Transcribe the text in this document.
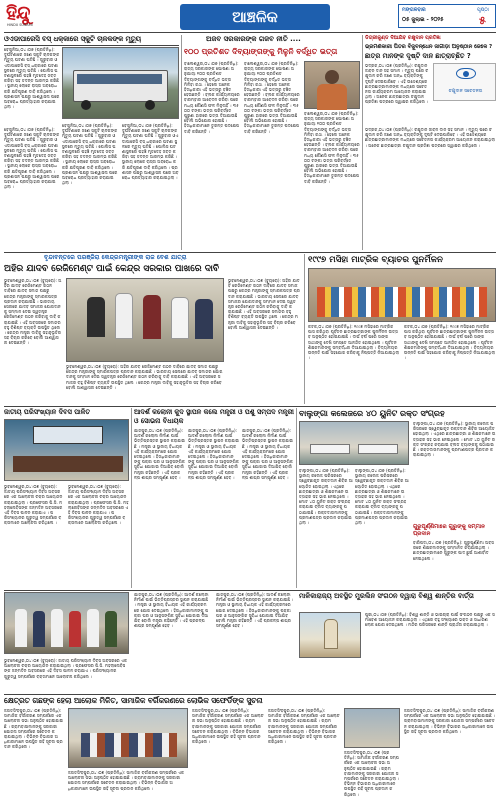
ହିନ୍ଦୁ
HINDU SUNAMI	ଆଞ୍ଚଳିକ	ମଙ୍ଗଳବାର	ପୃଷ୍ଠା
୦୫ ଜୁଲାଇ - ୨୦୨୫	୫
ଓଏଡାପାରେସି ବସ୍ ଧକ୍କାରେ ସ୍କୁଟି ଚାଳକଙ୍କ ମୃତ୍ୟୁ
ବେଗୁନିଆ,୦୪।୦୭ (ପ୍ରତିନିଧି): ଦୁର୍ଘଟଣାରେ ଜଣେ ସ୍କୁଟି ଚାଳକଙ୍କ ମୃତ୍ୟୁ ଘଟଣା ଘଟିଛି । ଗୁରୁବାର ଓଏଡାପାରେସି ବସ୍ ଧକ୍କାରେ ଘଟଣା ସ୍ଥଳରେ ମୃତ୍ୟୁ ଘଟିଛି । ପୋଲିସ ଘଟଣାସ୍ଥଳରେ ପହଞ୍ଚି ମୃତଦେହ ଜବତ କରିବା ସହ ତଦନ୍ତ ଆରମ୍ଭ କରିଛି । ସ୍ଥାନୀୟ ଲୋକେ ରାସ୍ତା ଅବରୋଧ କରି କ୍ଷତିପୂରଣ ଦାବି କରିଥିଲେ । ପ୍ରଶାସନ ପକ୍ଷରୁ ଆଶ୍ୱାସନା ପରେ ଅବରୋଧ ପ୍ରତ୍ୟାହାର କରାଯାଇଥିଲା ।
ବେଗୁନିଆ,୦୪।୦୭ (ପ୍ରତିନିଧି): ଦୁର୍ଘଟଣାରେ ଜଣେ ସ୍କୁଟି ଚାଳକଙ୍କ ମୃତ୍ୟୁ ଘଟଣା ଘଟିଛି । ଗୁରୁବାର ଓଏଡାପାରେସି ବସ୍ ଧକ୍କାରେ ଘଟଣା ସ୍ଥଳରେ ମୃତ୍ୟୁ ଘଟିଛି । ପୋଲିସ ଘଟଣାସ୍ଥଳରେ ପହଞ୍ଚି ମୃତଦେହ ଜବତ କରିବା ସହ ତଦନ୍ତ ଆରମ୍ଭ କରିଛି । ସ୍ଥାନୀୟ ଲୋକେ ରାସ୍ତା ଅବରୋଧ କରି କ୍ଷତିପୂରଣ ଦାବି କରିଥିଲେ । ପ୍ରଶାସନ ପକ୍ଷରୁ ଆଶ୍ୱାସନା ପରେ ଅବରୋଧ ପ୍ରତ୍ୟାହାର କରାଯାଇଥିଲା ।
ବେଗୁନିଆ,୦୪।୦୭ (ପ୍ରତିନିଧି): ଦୁର୍ଘଟଣାରେ ଜଣେ ସ୍କୁଟି ଚାଳକଙ୍କ ମୃତ୍ୟୁ ଘଟଣା ଘଟିଛି । ଗୁରୁବାର ଓଏଡାପାରେସି ବସ୍ ଧକ୍କାରେ ଘଟଣା ସ୍ଥଳରେ ମୃତ୍ୟୁ ଘଟିଛି । ପୋଲିସ ଘଟଣାସ୍ଥଳରେ ପହଞ୍ଚି ମୃତଦେହ ଜବତ କରିବା ସହ ତଦନ୍ତ ଆରମ୍ଭ କରିଛି । ସ୍ଥାନୀୟ ଲୋକେ ରାସ୍ତା ଅବରୋଧ କରି କ୍ଷତିପୂରଣ ଦାବି କରିଥିଲେ । ପ୍ରଶାସନ ପକ୍ଷରୁ ଆଶ୍ୱାସନା ପରେ ଅବରୋଧ ପ୍ରତ୍ୟାହାର କରାଯାଇଥିଲା ।
ବେଗୁନିଆ,୦୪।୦୭ (ପ୍ରତିନିଧି): ଦୁର୍ଘଟଣାରେ ଜଣେ ସ୍କୁଟି ଚାଳକଙ୍କ ମୃତ୍ୟୁ ଘଟଣା ଘଟିଛି । ଗୁରୁବାର ଓଏଡାପାରେସି ବସ୍ ଧକ୍କାରେ ଘଟଣା ସ୍ଥଳରେ ମୃତ୍ୟୁ ଘଟିଛି । ପୋଲିସ ଘଟଣାସ୍ଥଳରେ ପହଞ୍ଚି ମୃତଦେହ ଜବତ କରିବା ସହ ତଦନ୍ତ ଆରମ୍ଭ କରିଛି । ସ୍ଥାନୀୟ ଲୋକେ ରାସ୍ତା ଅବରୋଧ କରି କ୍ଷତିପୂରଣ ଦାବି କରିଥିଲେ । ପ୍ରଶାସନ ପକ୍ଷରୁ ଆଶ୍ୱାସନା ପରେ ଅବରୋଧ ପ୍ରତ୍ୟାହାର କରାଯାଇଥିଲା ।
ଅଜବ ସରକାରଙ୍କ ଗଜବ ନୀତି ....
୧୦୦ ପ୍ରତିଶତ ଦିବ୍ୟାଙ୍ଗଙ୍କୁ ମିଳୁନି ବର୍ଦ୍ଧିତ ଭତ୍ତା
ବାଲେଶ୍ୱର,୦୪।୦୭ (ପ୍ରତିନିଧି): ରାଜ୍ୟ ସରକାରଙ୍କ ଘୋଷଣା ଅନୁଯାୟୀ ୧୦୦ ପ୍ରତିଶତ ଦିବ୍ୟାଙ୍ଗଙ୍କୁ ବର୍ଦ୍ଧିତ ଭତ୍ତା ମିଳିବା କଥା । ହେଲେ ଅନେକ ହିତାଧିକାରୀ ଏହି ଭତ୍ତାରୁ ବଞ୍ଚିତ ହେଉଛନ୍ତି । ବ୍ଲକ କାର୍ଯ୍ୟାଳୟରେ ବାରମ୍ବାର ଆବେଦନ କରିବା ପରେ ମଧ୍ୟ କୌଣସି ଫଳ ମିଳୁନାହିଁ । ୩୫୦୦ ଟଙ୍କା ଭତ୍ତା ପରିବର୍ତ୍ତେ ପୁରୁଣା ହାରରେ ଭତ୍ତା ଦିଆଯାଉଛି ବୋଲି ଅଭିଯୋଗ ହୋଇଛି । ହିତାଧିକାରୀମାନେ ତୁରନ୍ତ ପଦକ୍ଷେପ ଦାବି କରିଛନ୍ତି ।
ବାଲେଶ୍ୱର,୦୪।୦୭ (ପ୍ରତିନିଧି): ରାଜ୍ୟ ସରକାରଙ୍କ ଘୋଷଣା ଅନୁଯାୟୀ ୧୦୦ ପ୍ରତିଶତ ଦିବ୍ୟାଙ୍ଗଙ୍କୁ ବର୍ଦ୍ଧିତ ଭତ୍ତା ମିଳିବା କଥା । ହେଲେ ଅନେକ ହିତାଧିକାରୀ ଏହି ଭତ୍ତାରୁ ବଞ୍ଚିତ ହେଉଛନ୍ତି । ବ୍ଲକ କାର୍ଯ୍ୟାଳୟରେ ବାରମ୍ବାର ଆବେଦନ କରିବା ପରେ ମଧ୍ୟ କୌଣସି ଫଳ ମିଳୁନାହିଁ । ୩୫୦୦ ଟଙ୍କା ଭତ୍ତା ପରିବର୍ତ୍ତେ ପୁରୁଣା ହାରରେ ଭତ୍ତା ଦିଆଯାଉଛି ବୋଲି ଅଭିଯୋଗ ହୋଇଛି । ହିତାଧିକାରୀମାନେ ତୁରନ୍ତ ପଦକ୍ଷେପ ଦାବି କରିଛନ୍ତି ।
ବାଲେଶ୍ୱର,୦୪।୦୭ (ପ୍ରତିନିଧି): ରାଜ୍ୟ ସରକାରଙ୍କ ଘୋଷଣା ଅନୁଯାୟୀ ୧୦୦ ପ୍ରତିଶତ ଦିବ୍ୟାଙ୍ଗଙ୍କୁ ବର୍ଦ୍ଧିତ ଭତ୍ତା ମିଳିବା କଥା । ହେଲେ ଅନେକ ହିତାଧିକାରୀ ଏହି ଭତ୍ତାରୁ ବଞ୍ଚିତ ହେଉଛନ୍ତି । ବ୍ଲକ କାର୍ଯ୍ୟାଳୟରେ ବାରମ୍ବାର ଆବେଦନ କରିବା ପରେ ମଧ୍ୟ କୌଣସି ଫଳ ମିଳୁନାହିଁ । ୩୫୦୦ ଟଙ୍କା ଭତ୍ତା ପରିବର୍ତ୍ତେ ପୁରୁଣା ହାରରେ ଭତ୍ତା ଦିଆଯାଉଛି ବୋଲି ଅଭିଯୋଗ ହୋଇଛି । ହିତାଧିକାରୀମାନେ ତୁରନ୍ତ ପଦକ୍ଷେପ ଦାବି କରିଛନ୍ତି ।
ଡିଗ୍ରୀକୁଣ୍ଡ ଦିଆଯିବ ଚକ୍ଷୁଦାନ ପ୍ରତିଜ୍ଞା
ଭ୍ରମଣକାରୀ ପିତର ବିଜୁବନ୍ଧେନ ଜାଗୀଡ଼ା ଅନୁଷ୍ଠାନ ଜେଳେ ?
ଛାତ୍ର ମାନଙ୍କ ଦୃଷ୍ଟି ଦାନ ଛାତ୍ରାଚ୍ଛିତ ?
ଭଦ୍ରକ,୦୪।୦୭ (ପ୍ରତିନିଧି): ଚକ୍ଷୁଦାନ ଜୀବନ ଦାନ ସହ ସମାନ । ମୃତ୍ୟୁ ପରେ ଚକ୍ଷୁଦାନ କରି ଜଣେ ଅନ୍ଧ ବ୍ୟକ୍ତିଙ୍କୁ ଦୃଷ୍ଟି ଦେଇପାରିବେ । ଏହି ଉଦ୍ଦେଶ୍ୟରେ ଛାତ୍ରଛାତ୍ରୀମାନଙ୍କ ମଧ୍ୟରେ ସଚେତନତା କାର୍ଯ୍ୟକ୍ରମ ଆୟୋଜନ କରାଯାଇଥିଲା । ଅନେକ ଛାତ୍ରଛାତ୍ରୀ ଚକ୍ଷୁଦାନ ପ୍ରତିଜ୍ଞା ପତ୍ରରେ ସ୍ୱାକ୍ଷର କରିଥିଲେ ।
ଚକ୍ଷୁଦାନ ସଚେତନତା
ଭଦ୍ରକ,୦୪।୦୭ (ପ୍ରତିନିଧି): ଚକ୍ଷୁଦାନ ଜୀବନ ଦାନ ସହ ସମାନ । ମୃତ୍ୟୁ ପରେ ଚକ୍ଷୁଦାନ କରି ଜଣେ ଅନ୍ଧ ବ୍ୟକ୍ତିଙ୍କୁ ଦୃଷ୍ଟି ଦେଇପାରିବେ । ଏହି ଉଦ୍ଦେଶ୍ୟରେ ଛାତ୍ରଛାତ୍ରୀମାନଙ୍କ ମଧ୍ୟରେ ସଚେତନତା କାର୍ଯ୍ୟକ୍ରମ ଆୟୋଜନ କରାଯାଇଥିଲା । ଅନେକ ଛାତ୍ରଛାତ୍ରୀ ଚକ୍ଷୁଦାନ ପ୍ରତିଜ୍ଞା ପତ୍ରରେ ସ୍ୱାକ୍ଷର କରିଥିଲେ ।
ବୃନ୍ଦାବନ୍ତରେ ପରଞ୍ଜିରା କେନ୍ଦ୍ରମନ୍ତ୍ରୀଙ୍କ ରାଜ ବେଶ ଯାତ୍ରା
ଅହିର ଯାଦବ ରେଜିମେଣ୍ଟ ପାଇଁ କେନ୍ଦ୍ର ସରକାର ପାଖରେ ଦାବି
ଭୁବନେଶ୍ୱର,୦୪।୦୭ (ବ୍ୟୁରୋ): ଅହିର ଯାଦବ ରେଜିମେଣ୍ଟ ଗଠନ ଦାବିରେ ଯାଦବ ସମାଜ ପକ୍ଷରୁ କେନ୍ଦ୍ର ମନ୍ତ୍ରୀଙ୍କୁ ସ୍ମାରକପତ୍ର ପ୍ରଦାନ କରାଯାଇଛି । ଭାରତୀୟ ସେନାରେ ଯାଦବ ସମାଜର ଯୋଗଦାନକୁ ସମ୍ମାନ ଦେଇ ସ୍ୱତନ୍ତ୍ର ରେଜିମେଣ୍ଟ ଗଠନ କରିବାକୁ ଦାବି କରାଯାଇଛି । ଏହି ଅବସରରେ ସମାଜର ବହୁ ବିଶିଷ୍ଟ ବ୍ୟକ୍ତି ଉପସ୍ଥିତ ଥିଲେ । କେନ୍ଦ୍ର ମନ୍ତ୍ରୀ ଦାବିକୁ ସହାନୁଭୂତିର ସହ ବିଚାର କରିବେ ବୋଲି ଆଶ୍ୱାସନା ଦେଇଛନ୍ତି ।
ଭୁବନେଶ୍ୱର,୦୪।୦୭ (ବ୍ୟୁରୋ): ଅହିର ଯାଦବ ରେଜିମେଣ୍ଟ ଗଠନ ଦାବିରେ ଯାଦବ ସମାଜ ପକ୍ଷରୁ କେନ୍ଦ୍ର ମନ୍ତ୍ରୀଙ୍କୁ ସ୍ମାରକପତ୍ର ପ୍ରଦାନ କରାଯାଇଛି । ଭାରତୀୟ ସେନାରେ ଯାଦବ ସମାଜର ଯୋଗଦାନକୁ ସମ୍ମାନ ଦେଇ ସ୍ୱତନ୍ତ୍ର ରେଜିମେଣ୍ଟ ଗଠନ କରିବାକୁ ଦାବି କରାଯାଇଛି । ଏହି ଅବସରରେ ସମାଜର ବହୁ ବିଶିଷ୍ଟ ବ୍ୟକ୍ତି ଉପସ୍ଥିତ ଥିଲେ । କେନ୍ଦ୍ର ମନ୍ତ୍ରୀ ଦାବିକୁ ସହାନୁଭୂତିର ସହ ବିଚାର କରିବେ ବୋଲି ଆଶ୍ୱାସନା ଦେଇଛନ୍ତି ।
ଭୁବନେଶ୍ୱର,୦୪।୦୭ (ବ୍ୟୁରୋ): ଅହିର ଯାଦବ ରେଜିମେଣ୍ଟ ଗଠନ ଦାବିରେ ଯାଦବ ସମାଜ ପକ୍ଷରୁ କେନ୍ଦ୍ର ମନ୍ତ୍ରୀଙ୍କୁ ସ୍ମାରକପତ୍ର ପ୍ରଦାନ କରାଯାଇଛି । ଭାରତୀୟ ସେନାରେ ଯାଦବ ସମାଜର ଯୋଗଦାନକୁ ସମ୍ମାନ ଦେଇ ସ୍ୱତନ୍ତ୍ର ରେଜିମେଣ୍ଟ ଗଠନ କରିବାକୁ ଦାବି କରାଯାଇଛି । ଏହି ଅବସରରେ ସମାଜର ବହୁ ବିଶିଷ୍ଟ ବ୍ୟକ୍ତି ଉପସ୍ଥିତ ଥିଲେ । କେନ୍ଦ୍ର ମନ୍ତ୍ରୀ ଦାବିକୁ ସହାନୁଭୂତିର ସହ ବିଚାର କରିବେ ବୋଲି ଆଶ୍ୱାସନା ଦେଇଛନ୍ତି ।
୧୯୯୭ ମସିହା ମାଟ୍ରିକ ବ୍ୟାଚର ପୁନର୍ମିଳନ
କଟକ,୦୪।୦୭ (ପ୍ରତିନିଧି): ୧୯୯୭ ମସିହାରେ ମାଟ୍ରିକ ପାସ କରିଥିବା ପୂର୍ବତନ ଛାତ୍ରଛାତ୍ରୀଙ୍କ ପୁନର୍ମିଳନ ଉତ୍ସବ ଅନୁଷ୍ଠିତ ହୋଇଯାଇଛି । ଦୀର୍ଘ ବର୍ଷ ପରେ ସାଙ୍ଗସାଥୀଙ୍କୁ ଦେଖି ସମସ୍ତେ ଆନନ୍ଦିତ ହୋଇଥିଲେ । ପୂର୍ବତନ ଶିକ୍ଷକମାନଙ୍କୁ ସମ୍ବର୍ଦ୍ଧନା ଦିଆଯାଇଥିଲା । ବିଦ୍ୟାଳୟର ଉନ୍ନତି ପାଇଁ ସହଯୋଗ କରିବାକୁ ନିଷ୍ପତ୍ତି ନିଆଯାଇଥିଲା ।
କଟକ,୦୪।୦୭ (ପ୍ରତିନିଧି): ୧୯୯୭ ମସିହାରେ ମାଟ୍ରିକ ପାସ କରିଥିବା ପୂର୍ବତନ ଛାତ୍ରଛାତ୍ରୀଙ୍କ ପୁନର୍ମିଳନ ଉତ୍ସବ ଅନୁଷ୍ଠିତ ହୋଇଯାଇଛି । ଦୀର୍ଘ ବର୍ଷ ପରେ ସାଙ୍ଗସାଥୀଙ୍କୁ ଦେଖି ସମସ୍ତେ ଆନନ୍ଦିତ ହୋଇଥିଲେ । ପୂର୍ବତନ ଶିକ୍ଷକମାନଙ୍କୁ ସମ୍ବର୍ଦ୍ଧନା ଦିଆଯାଇଥିଲା । ବିଦ୍ୟାଳୟର ଉନ୍ନତି ପାଇଁ ସହଯୋଗ କରିବାକୁ ନିଷ୍ପତ୍ତି ନିଆଯାଇଥିଲା ।
ଜାତୀୟ ପରିସଂଖ୍ୟାନ ଦିବସ ପାଳିତ
ଭୁବନେଶ୍ୱର,୦୪।୦୭ (ବ୍ୟୁରୋ): ଜାତୀୟ ପରିସଂଖ୍ୟାନ ଦିବସ ଅବସରରେ ଏକ ଆଲୋଚନା ଚକ୍ର ଆୟୋଜନ କରାଯାଇଥିଲା । ପ୍ରଫେସର ପି.ସି. ମହଲାନୋବିସଙ୍କ ଜନ୍ମଦିନ ଅବସରରେ ଏହି ଦିବସ ପାଳନ କରାଯାଏ । ପରିସଂଖ୍ୟାନର ଗୁରୁତ୍ୱ ସମ୍ପର୍କରେ ବକ୍ତାମାନେ ଆଲୋଚନା କରିଥିଲେ ।
ଭୁବନେଶ୍ୱର,୦୪।୦୭ (ବ୍ୟୁରୋ): ଜାତୀୟ ପରିସଂଖ୍ୟାନ ଦିବସ ଅବସରରେ ଏକ ଆଲୋଚନା ଚକ୍ର ଆୟୋଜନ କରାଯାଇଥିଲା । ପ୍ରଫେସର ପି.ସି. ମହଲାନୋବିସଙ୍କ ଜନ୍ମଦିନ ଅବସରରେ ଏହି ଦିବସ ପାଳନ କରାଯାଏ । ପରିସଂଖ୍ୟାନର ଗୁରୁତ୍ୱ ସମ୍ପର୍କରେ ବକ୍ତାମାନେ ଆଲୋଚନା କରିଥିଲେ ।
ଆଦର୍ଶ କଲୋନୀ କୁଦ ସ୍ଥାପନ କଲେ ମନ୍ତ୍ରୀ ଓ ପଶୁ ସମ୍ପଦ ମନ୍ତ୍ରୀ ଓ ସୋଭନା ବିଧାୟକ
ଯାଜପୁର,୦୪।୦୭ (ପ୍ରତିନିଧି): ଆଦର୍ଶ କଲୋନୀ ନିର୍ମାଣ ପାଇଁ ଭିତ୍ତିପ୍ରସ୍ତର ସ୍ଥାପନ କରାଯାଇଛି । ମନ୍ତ୍ରୀ ଓ ସ୍ଥାନୀୟ ବିଧାୟକ ଏହି କାର୍ଯ୍ୟକ୍ରମରେ ଯୋଗ ଦେଇଥିଲେ । ହିତାଧିକାରୀମାନଙ୍କୁ ପକ୍କା ଘର ଓ ଆନୁସଙ୍ଗିକ ସୁବିଧା ଯୋଗାଇ ଦିଆଯିବ ବୋଲି ମନ୍ତ୍ରୀ କହିଛନ୍ତି । ଏହି ପ୍ରକଳ୍ପ ଶୀଘ୍ର ସମ୍ପୂର୍ଣ୍ଣ ହେବ ।
ଯାଜପୁର,୦୪।୦୭ (ପ୍ରତିନିଧି): ଆଦର୍ଶ କଲୋନୀ ନିର୍ମାଣ ପାଇଁ ଭିତ୍ତିପ୍ରସ୍ତର ସ୍ଥାପନ କରାଯାଇଛି । ମନ୍ତ୍ରୀ ଓ ସ୍ଥାନୀୟ ବିଧାୟକ ଏହି କାର୍ଯ୍ୟକ୍ରମରେ ଯୋଗ ଦେଇଥିଲେ । ହିତାଧିକାରୀମାନଙ୍କୁ ପକ୍କା ଘର ଓ ଆନୁସଙ୍ଗିକ ସୁବିଧା ଯୋଗାଇ ଦିଆଯିବ ବୋଲି ମନ୍ତ୍ରୀ କହିଛନ୍ତି । ଏହି ପ୍ରକଳ୍ପ ଶୀଘ୍ର ସମ୍ପୂର୍ଣ୍ଣ ହେବ ।
ଯାଜପୁର,୦୪।୦୭ (ପ୍ରତିନିଧି): ଆଦର୍ଶ କଲୋନୀ ନିର୍ମାଣ ପାଇଁ ଭିତ୍ତିପ୍ରସ୍ତର ସ୍ଥାପନ କରାଯାଇଛି । ମନ୍ତ୍ରୀ ଓ ସ୍ଥାନୀୟ ବିଧାୟକ ଏହି କାର୍ଯ୍ୟକ୍ରମରେ ଯୋଗ ଦେଇଥିଲେ । ହିତାଧିକାରୀମାନଙ୍କୁ ପକ୍କା ଘର ଓ ଆନୁସଙ୍ଗିକ ସୁବିଧା ଯୋଗାଇ ଦିଆଯିବ ବୋଲି ମନ୍ତ୍ରୀ କହିଛନ୍ତି । ଏହି ପ୍ରକଳ୍ପ ଶୀଘ୍ର ସମ୍ପୂର୍ଣ୍ଣ ହେବ ।
ବାଲୁଙ୍ଗା କଲେଜରେ ୪୦ ୟୁନିଟ ରକ୍ତ ସଂଗ୍ରହ
ବାଲୁଙ୍ଗା,୦୪।୦୭ (ପ୍ରତିନିଧି): ସ୍ଥାନୀୟ କଲେଜ ପରିସରରେ ସ୍ୱେଚ୍ଛାକୃତ ରକ୍ତଦାନ ଶିବିର ଆୟୋଜିତ ହୋଇଥିଲା । ଏଥିରେ ଛାତ୍ରଛାତ୍ରୀ ଓ ଶିକ୍ଷକମାନେ ଉତ୍ସାହର ସହ ଭାଗ ନେଇଥିଲେ । ମୋଟ ୪୦ ୟୁନିଟ ରକ୍ତ ସଂଗ୍ରହ କରାଯାଇ ବ୍ଲଡ ବ୍ୟାଙ୍କକୁ ପଠାଯାଇଛି । ରକ୍ତଦାତାମାନଙ୍କୁ ପ୍ରମାଣପତ୍ର ପ୍ରଦାନ କରାଯାଇଥିଲା ।
ବାଲୁଙ୍ଗା,୦୪।୦୭ (ପ୍ରତିନିଧି): ସ୍ଥାନୀୟ କଲେଜ ପରିସରରେ ସ୍ୱେଚ୍ଛାକୃତ ରକ୍ତଦାନ ଶିବିର ଆୟୋଜିତ ହୋଇଥିଲା । ଏଥିରେ ଛାତ୍ରଛାତ୍ରୀ ଓ ଶିକ୍ଷକମାନେ ଉତ୍ସାହର ସହ ଭାଗ ନେଇଥିଲେ । ମୋଟ ୪୦ ୟୁନିଟ ରକ୍ତ ସଂଗ୍ରହ କରାଯାଇ ବ୍ଲଡ ବ୍ୟାଙ୍କକୁ ପଠାଯାଇଛି । ରକ୍ତଦାତାମାନଙ୍କୁ ପ୍ରମାଣପତ୍ର ପ୍ରଦାନ କରାଯାଇଥିଲା ।
ବାଲୁଙ୍ଗା,୦୪।୦୭ (ପ୍ରତିନିଧି): ସ୍ଥାନୀୟ କଲେଜ ପରିସରରେ ସ୍ୱେଚ୍ଛାକୃତ ରକ୍ତଦାନ ଶିବିର ଆୟୋଜିତ ହୋଇଥିଲା । ଏଥିରେ ଛାତ୍ରଛାତ୍ରୀ ଓ ଶିକ୍ଷକମାନେ ଉତ୍ସାହର ସହ ଭାଗ ନେଇଥିଲେ । ମୋଟ ୪୦ ୟୁନିଟ ରକ୍ତ ସଂଗ୍ରହ କରାଯାଇ ବ୍ଲଡ ବ୍ୟାଙ୍କକୁ ପଠାଯାଇଛି । ରକ୍ତଦାତାମାନଙ୍କୁ ପ୍ରମାଣପତ୍ର ପ୍ରଦାନ କରାଯାଇଥିଲା ।
ଗୁରୁପୂର୍ଣ୍ଣିମାରେ ଗୁରୁଙ୍କୁ ସମ୍ମାନ ପ୍ରଦାନ
ବାରିପଦା,୦୪।୦୭ (ପ୍ରତିନିଧି): ଗୁରୁପୂର୍ଣ୍ଣିମା ଅବସରରେ ଶିକ୍ଷକମାନଙ୍କୁ ସମ୍ମାନିତ କରାଯାଇଥିଲା । ଛାତ୍ରଛାତ୍ରୀମାନେ ଗୁରୁଙ୍କ ପାଦ ଛୁଇଁ ଆଶୀର୍ବାଦ ନେଇଥିଲେ ।
ମାଳିକାରାଜ୍ୟ ଅବସ୍ଥିତ ମୁରଲିନ ସଂଗଠନ ଦ୍ୱାରା ବିଶ୍ୱ ଶାନ୍ତିର ବାର୍ତ୍ତା
ପୁରୀ,୦୪।୦୭ (ପ୍ରତିନିଧି): ବିଶ୍ୱ ଶାନ୍ତି ଓ ଭାଇଚାରା ପାଇଁ ସଂଗଠନ ପକ୍ଷରୁ ଏକ ସମାବେଶ ଆୟୋଜନ କରାଯାଇଥିଲା । ଏଥିରେ ବହୁ ସଂଖ୍ୟାରେ ଭକ୍ତ ଓ ସାଧାରଣ ଲୋକ ଯୋଗ ଦେଇଥିଲେ । ମନ୍ଦିର ପରିସରରେ ଶାନ୍ତି ପ୍ରାର୍ଥନା କରାଯାଇଥିଲା ।
ଭୁବନେଶ୍ୱର,୦୪।୦୭ (ବ୍ୟୁରୋ): ଜାତୀୟ ପରିସଂଖ୍ୟାନ ଦିବସ ଅବସରରେ ଏକ ଆଲୋଚନା ଚକ୍ର ଆୟୋଜନ କରାଯାଇଥିଲା । ପ୍ରଫେସର ପି.ସି. ମହଲାନୋବିସଙ୍କ ଜନ୍ମଦିନ ଅବସରରେ ଏହି ଦିବସ ପାଳନ କରାଯାଏ । ପରିସଂଖ୍ୟାନର ଗୁରୁତ୍ୱ ସମ୍ପର୍କରେ ବକ୍ତାମାନେ ଆଲୋଚନା କରିଥିଲେ ।
ଯାଜପୁର,୦୪।୦୭ (ପ୍ରତିନିଧି): ଆଦର୍ଶ କଲୋନୀ ନିର୍ମାଣ ପାଇଁ ଭିତ୍ତିପ୍ରସ୍ତର ସ୍ଥାପନ କରାଯାଇଛି । ମନ୍ତ୍ରୀ ଓ ସ୍ଥାନୀୟ ବିଧାୟକ ଏହି କାର୍ଯ୍ୟକ୍ରମରେ ଯୋଗ ଦେଇଥିଲେ । ହିତାଧିକାରୀମାନଙ୍କୁ ପକ୍କା ଘର ଓ ଆନୁସଙ୍ଗିକ ସୁବିଧା ଯୋଗାଇ ଦିଆଯିବ ବୋଲି ମନ୍ତ୍ରୀ କହିଛନ୍ତି । ଏହି ପ୍ରକଳ୍ପ ଶୀଘ୍ର ସମ୍ପୂର୍ଣ୍ଣ ହେବ ।
ଯାଜପୁର,୦୪।୦୭ (ପ୍ରତିନିଧି): ଆଦର୍ଶ କଲୋନୀ ନିର୍ମାଣ ପାଇଁ ଭିତ୍ତିପ୍ରସ୍ତର ସ୍ଥାପନ କରାଯାଇଛି । ମନ୍ତ୍ରୀ ଓ ସ୍ଥାନୀୟ ବିଧାୟକ ଏହି କାର୍ଯ୍ୟକ୍ରମରେ ଯୋଗ ଦେଇଥିଲେ । ହିତାଧିକାରୀମାନଙ୍କୁ ପକ୍କା ଘର ଓ ଆନୁସଙ୍ଗିକ ସୁବିଧା ଯୋଗାଇ ଦିଆଯିବ ବୋଲି ମନ୍ତ୍ରୀ କହିଛନ୍ତି । ଏହି ପ୍ରକଳ୍ପ ଶୀଘ୍ର ସମ୍ପୂର୍ଣ୍ଣ ହେବ ।
କ୍ଷେତ୍ରତ ଗଛଙ୍କ ହେଲା ଆଲୋକ ମିଳିତ, ସାମାଜିକ ବର୍ଗିକରଣରେ ଲୋଭିକ ସଫେର୍ଡିଙ୍କ ସୁଚନା
ଜଗତସିଂହପୁର,୦୪।୦୭ (ପ୍ରତିନିଧି): ସାମାଜିକ ବର୍ଗୀକରଣ ସମ୍ପର୍କରେ ଏକ ଆଲୋଚନା ସଭା ଅନୁଷ୍ଠିତ ହୋଇଯାଇଛି । ଗ୍ରାମବାସୀମାନଙ୍କୁ ସରକାରୀ ଯୋଜନା ସମ୍ପର୍କରେ ସଚେତନ କରାଯାଇଥିଲା । ବିଭିନ୍ନ ବିଭାଗର ଅଧିକାରୀମାନେ ଉପସ୍ଥିତ ରହି ସୂଚନା ପ୍ରଦାନ କରିଥିଲେ ।
ଜଗତସିଂହପୁର,୦୪।୦୭ (ପ୍ରତିନିଧି): ସାମାଜିକ ବର୍ଗୀକରଣ ସମ୍ପର୍କରେ ଏକ ଆଲୋଚନା ସଭା ଅନୁଷ୍ଠିତ ହୋଇଯାଇଛି । ଗ୍ରାମବାସୀମାନଙ୍କୁ ସରକାରୀ ଯୋଜନା ସମ୍ପର୍କରେ ସଚେତନ କରାଯାଇଥିଲା । ବିଭିନ୍ନ ବିଭାଗର ଅଧିକାରୀମାନେ ଉପସ୍ଥିତ ରହି ସୂଚନା ପ୍ରଦାନ କରିଥିଲେ ।
ଜଗତସିଂହପୁର,୦୪।୦୭ (ପ୍ରତିନିଧି): ସାମାଜିକ ବର୍ଗୀକରଣ ସମ୍ପର୍କରେ ଏକ ଆଲୋଚନା ସଭା ଅନୁଷ୍ଠିତ ହୋଇଯାଇଛି । ଗ୍ରାମବାସୀମାନଙ୍କୁ ସରକାରୀ ଯୋଜନା ସମ୍ପର୍କରେ ସଚେତନ କରାଯାଇଥିଲା । ବିଭିନ୍ନ ବିଭାଗର ଅଧିକାରୀମାନେ ଉପସ୍ଥିତ ରହି ସୂଚନା ପ୍ରଦାନ କରିଥିଲେ ।
ଜଗତସିଂହପୁର,୦୪।୦୭ (ପ୍ରତିନିଧି): ସାମାଜିକ ବର୍ଗୀକରଣ ସମ୍ପର୍କରେ ଏକ ଆଲୋଚନା ସଭା ଅନୁଷ୍ଠିତ ହୋଇଯାଇଛି । ଗ୍ରାମବାସୀମାନଙ୍କୁ ସରକାରୀ ଯୋଜନା ସମ୍ପର୍କରେ ସଚେତନ କରାଯାଇଥିଲା । ବିଭିନ୍ନ ବିଭାଗର ଅଧିକାରୀମାନେ ଉପସ୍ଥିତ ରହି ସୂଚନା ପ୍ରଦାନ କରିଥିଲେ ।
ଜଗତସିଂହପୁର,୦୪।୦୭ (ପ୍ରତିନିଧି): ସାମାଜିକ ବର୍ଗୀକରଣ ସମ୍ପର୍କରେ ଏକ ଆଲୋଚନା ସଭା ଅନୁଷ୍ଠିତ ହୋଇଯାଇଛି । ଗ୍ରାମବାସୀମାନଙ୍କୁ ସରକାରୀ ଯୋଜନା ସମ୍ପର୍କରେ ସଚେତନ କରାଯାଇଥିଲା । ବିଭିନ୍ନ ବିଭାଗର ଅଧିକାରୀମାନେ ଉପସ୍ଥିତ ରହି ସୂଚନା ପ୍ରଦାନ କରିଥିଲେ ।
ଜଗତସିଂହପୁର,୦୪।୦୭ (ପ୍ରତିନିଧି): ସାମାଜିକ ବର୍ଗୀକରଣ ସମ୍ପର୍କରେ ଏକ ଆଲୋଚନା ସଭା ଅନୁଷ୍ଠିତ ହୋଇଯାଇଛି । ଗ୍ରାମବାସୀମାନଙ୍କୁ ସରକାରୀ ଯୋଜନା ସମ୍ପର୍କରେ ସଚେତନ କରାଯାଇଥିଲା । ବିଭିନ୍ନ ବିଭାଗର ଅଧିକାରୀମାନେ ଉପସ୍ଥିତ ରହି ସୂଚନା ପ୍ରଦାନ କରିଥିଲେ ।
